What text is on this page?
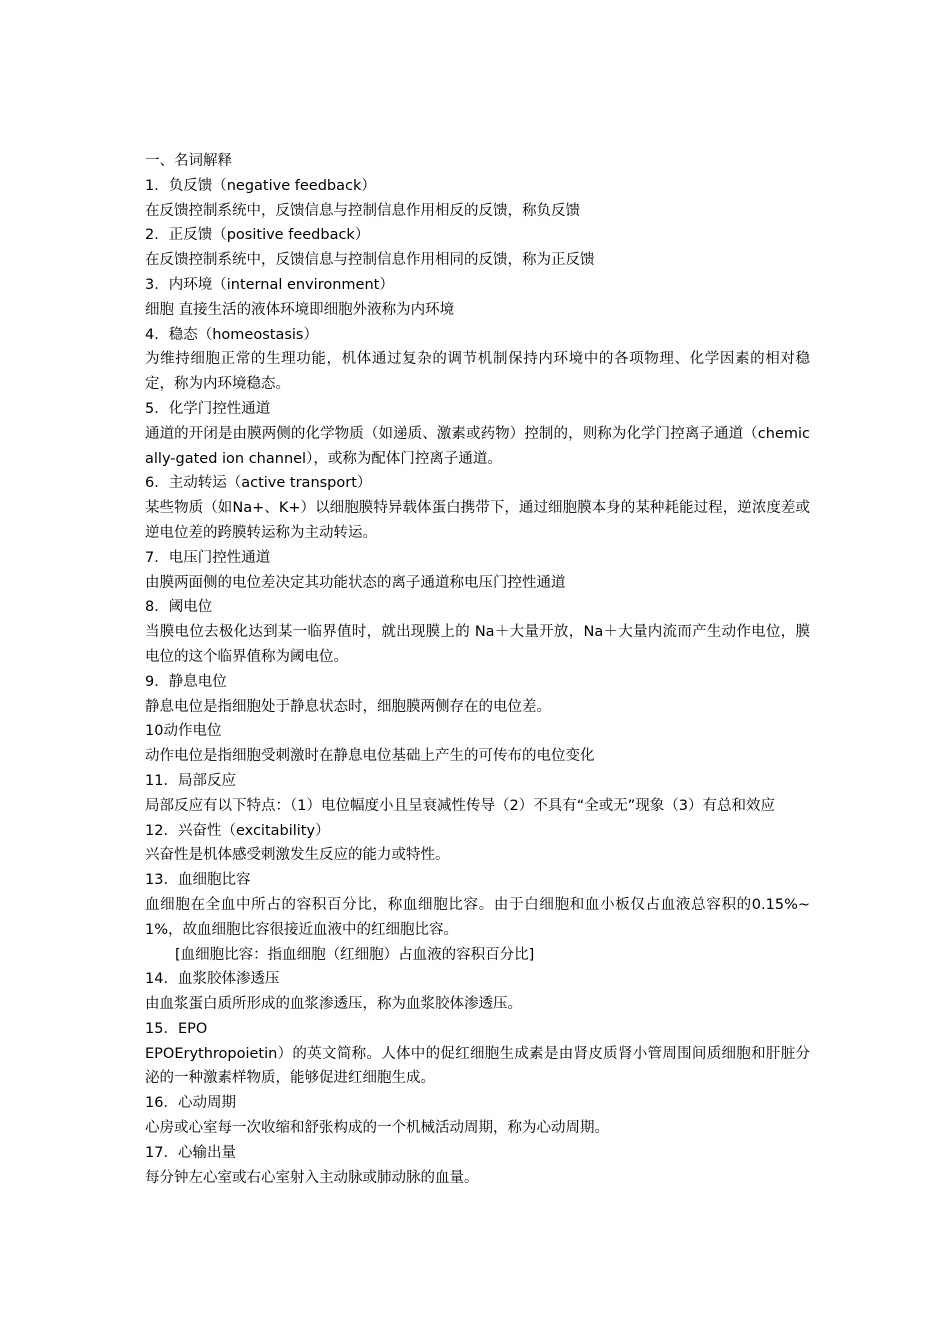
一、名词解释
1．负反馈（negative feedback）
在反馈控制系统中，反馈信息与控制信息作用相反的反馈，称负反馈
2．正反馈（positive feedback）
在反馈控制系统中，反馈信息与控制信息作用相同的反馈，称为正反馈
3．内环境（internal environment）
细胞 直接生活的液体环境即细胞外液称为内环境
4．稳态（homeostasis）
为维持细胞正常的生理功能，机体通过复杂的调节机制保持内环境中的各项物理、化学因素的相对稳定，称为内环境稳态。
5．化学门控性通道
通道的开闭是由膜两侧的化学物质（如递质、激素或药物）控制的，则称为化学门控离子通道（chemically-gated ion channel），或称为配体门控离子通道。
6．主动转运（active transport）
某些物质（如Na+、K+）以细胞膜特异载体蛋白携带下，通过细胞膜本身的某种耗能过程，逆浓度差或逆电位差的跨膜转运称为主动转运。
7．电压门控性通道
由膜两面侧的电位差决定其功能状态的离子通道称电压门控性通道
8．阈电位
当膜电位去极化达到某一临界值时，就出现膜上的 Na＋大量开放，Na＋大量内流而产生动作电位，膜电位的这个临界值称为阈电位。
9．静息电位
静息电位是指细胞处于静息状态时，细胞膜两侧存在的电位差。
10动作电位
动作电位是指细胞受刺激时在静息电位基础上产生的可传布的电位变化
11．局部反应
局部反应有以下特点：（1）电位幅度小且呈衰减性传导（2）不具有“全或无”现象（3）有总和效应
12．兴奋性（excitability）
兴奋性是机体感受刺激发生反应的能力或特性。
13．血细胞比容
血细胞在全血中所占的容积百分比，称血细胞比容。由于白细胞和血小板仅占血液总容积的0.15%~1%，故血细胞比容很接近血液中的红细胞比容。
[血细胞比容：指血细胞（红细胞）占血液的容积百分比]
14．血浆胶体渗透压
由血浆蛋白质所形成的血浆渗透压，称为血浆胶体渗透压。
15．EPO
EPOErythropoietin）的英文简称。人体中的促红细胞生成素是由肾皮质肾小管周围间质细胞和肝脏分泌的一种激素样物质，能够促进红细胞生成。
16．心动周期
心房或心室每一次收缩和舒张构成的一个机械活动周期，称为心动周期。
17．心输出量
每分钟左心室或右心室射入主动脉或肺动脉的血量。
